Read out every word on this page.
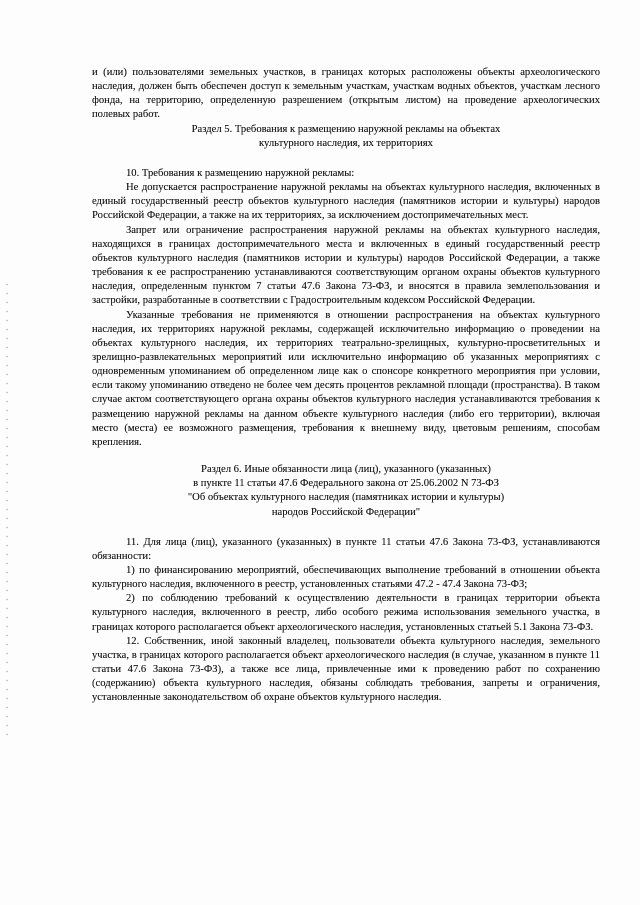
и (или) пользователями земельных участков, в границах которых расположены объекты археологического наследия, должен быть обеспечен доступ к земельным участкам, участкам водных объектов, участкам лесного фонда, на территорию, определенную разрешением (открытым листом) на проведение археологических полевых работ.

Раздел 5. Требования к размещению наружной рекламы на объектах

культурного наследия, их территориях

10. Требования к размещению наружной рекламы:

Не допускается распространение наружной рекламы на объектах культурного наследия, включенных в единый государственный реестр объектов культурного наследия (памятников истории и культуры) народов Российской Федерации, а также на их территориях, за исключением достопримечательных мест.

Запрет или ограничение распространения наружной рекламы на объектах культурного наследия, находящихся в границах достопримечательного места и включенных в единый государственный реестр объектов культурного наследия (памятников истории и культуры) народов Российской Федерации, а также требования к ее распространению устанавливаются соответствующим органом охраны объектов культурного наследия, определенным пунктом 7 статьи 47.6 Закона 73-ФЗ, и вносятся в правила землепользования и застройки, разработанные в соответствии с Градостроительным кодексом Российской Федерации.

Указанные требования не применяются в отношении распространения на объектах культурного наследия, их территориях наружной рекламы, содержащей исключительно информацию о проведении на объектах культурного наследия, их территориях театрально-зрелищных, культурно-просветительных и зрелищно-развлекательных мероприятий или исключительно информацию об указанных мероприятиях с одновременным упоминанием об определенном лице как о спонсоре конкретного мероприятия при условии, если такому упоминанию отведено не более чем десять процентов рекламной площади (пространства). В таком случае актом соответствующего органа охраны объектов культурного наследия устанавливаются требования к размещению наружной рекламы на данном объекте культурного наследия (либо его территории), включая место (места) ее возможного размещения, требования к внешнему виду, цветовым решениям, способам крепления.

Раздел 6. Иные обязанности лица (лиц), указанного (указанных)

в пункте 11 статьи 47.6 Федерального закона от 25.06.2002 N 73-ФЗ

"Об объектах культурного наследия (памятниках истории и культуры)

народов Российской Федерации"

11. Для лица (лиц), указанного (указанных) в пункте 11 статьи 47.6 Закона 73-ФЗ, устанавливаются обязанности:

1) по финансированию мероприятий, обеспечивающих выполнение требований в отношении объекта культурного наследия, включенного в реестр, установленных статьями 47.2 - 47.4 Закона 73-ФЗ;

2) по соблюдению требований к осуществлению деятельности в границах территории объекта культурного наследия, включенного в реестр, либо особого режима использования земельного участка, в границах которого располагается объект археологического наследия, установленных статьей 5.1 Закона 73-ФЗ.

12. Собственник, иной законный владелец, пользователи объекта культурного наследия, земельного участка, в границах которого располагается объект археологического наследия (в случае, указанном в пункте 11 статьи 47.6 Закона 73-ФЗ), а также все лица, привлеченные ими к проведению работ по сохранению (содержанию) объекта культурного наследия, обязаны соблюдать требования, запреты и ограничения, установленные законодательством об охране объектов культурного наследия.
